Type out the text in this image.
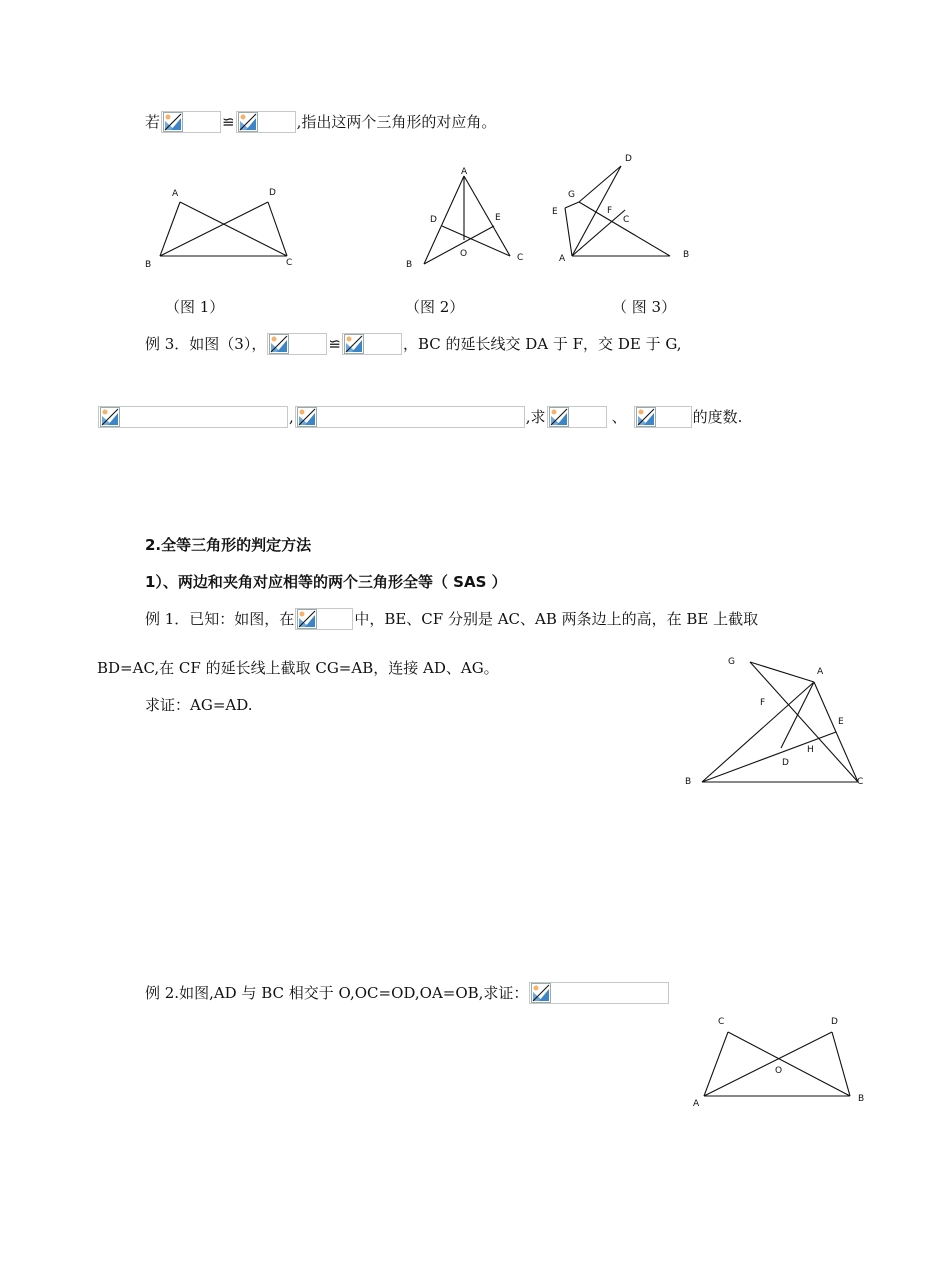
若	≌	,指出这两个三角形的对应角。
A	D
B	C
A
D	E
O
B
C
D
G
E	F
C
A	B
（图 1）	（图 2）	（ 图 3）
例 3．如图（3），	≌	，BC 的延长线交 DA 于 F，交 DE 于 G,
,	,求	、	的度数.
2.全等三角形的判定方法
1）、两边和夹角对应相等的两个三角形全等（ SAS ）
例 1．已知：如图，在	中，BE、CF 分别是 AC、AB 两条边上的高，在 BE 上截取
BD=AC,在 CF 的延长线上截取 CG=AB，连接 AD、AG。
求证：AG=AD.
G
A
F
E
H
D
B	C
例 2.如图,AD 与 BC 相交于 O,OC=OD,OA=OB,求证：
C	D
O
A	B
